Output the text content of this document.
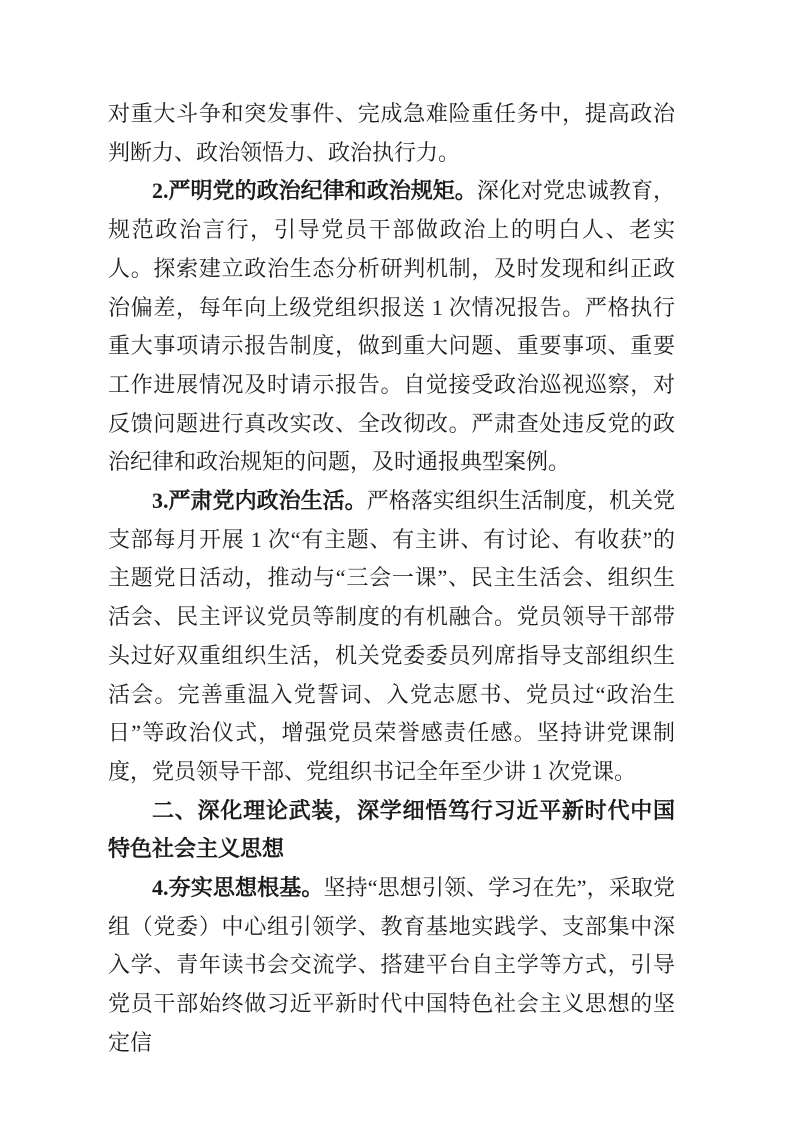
对重大斗争和突发事件、完成急难险重任务中，提高政治判断力、政治领悟力、政治执行力。

2.严明党的政治纪律和政治规矩。深化对党忠诚教育，规范政治言行，引导党员干部做政治上的明白人、老实人。探索建立政治生态分析研判机制，及时发现和纠正政治偏差，每年向上级党组织报送 1 次情况报告。严格执行重大事项请示报告制度，做到重大问题、重要事项、重要工作进展情况及时请示报告。自觉接受政治巡视巡察，对反馈问题进行真改实改、全改彻改。严肃查处违反党的政治纪律和政治规矩的问题，及时通报典型案例。

3.严肃党内政治生活。严格落实组织生活制度，机关党支部每月开展 1 次“有主题、有主讲、有讨论、有收获”的主题党日活动，推动与“三会一课”、民主生活会、组织生活会、民主评议党员等制度的有机融合。党员领导干部带头过好双重组织生活，机关党委委员列席指导支部组织生活会。完善重温入党誓词、入党志愿书、党员过“政治生日”等政治仪式，增强党员荣誉感责任感。坚持讲党课制度，党员领导干部、党组织书记全年至少讲 1 次党课。

二、深化理论武装，深学细悟笃行习近平新时代中国特色社会主义思想

4.夯实思想根基。坚持“思想引领、学习在先”，采取党组（党委）中心组引领学、教育基地实践学、支部集中深入学、青年读书会交流学、搭建平台自主学等方式，引导党员干部始终做习近平新时代中国特色社会主义思想的坚定信
